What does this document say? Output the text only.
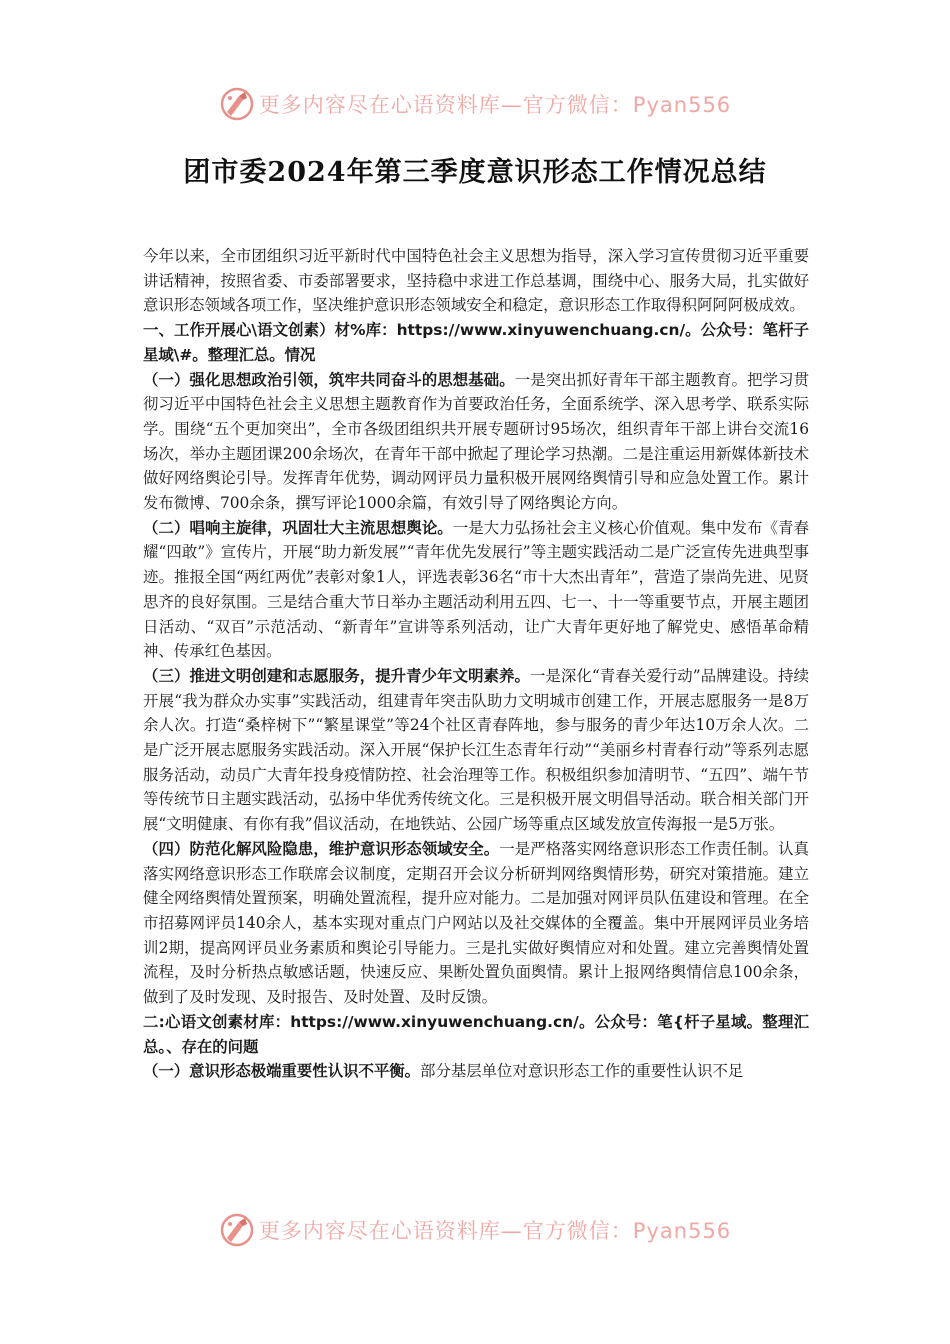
更多内容尽在心语资料库—官方微信：Pyan556
团市委2024年第三季度意识形态工作情况总结

今年以来，全市团组织习近平新时代中国特色社会主义思想为指导，深入学习宣传贯彻习近平重要讲话精神，按照省委、市委部署要求，坚持稳中求进工作总基调，围绕中心、服务大局，扎实做好意识形态领域各项工作，坚决维护意识形态领域安全和稳定，意识形态工作取得积阿阿阿极成效。

一、工作开展心\语文创素）材%库：https://www.xinyuwenchuang.cn/。公众号：笔杆子星域\#。整理汇总。情况

（一）强化思想政治引领，筑牢共同奋斗的思想基础。一是突出抓好青年干部主题教育。把学习贯彻习近平中国特色社会主义思想主题教育作为首要政治任务，全面系统学、深入思考学、联系实际学。围绕“五个更加突出”，全市各级团组织共开展专题研讨95场次，组织青年干部上讲台交流16场次，举办主题团课200余场次，在青年干部中掀起了理论学习热潮。二是注重运用新媒体新技术做好网络舆论引导。发挥青年优势，调动网评员力量积极开展网络舆情引导和应急处置工作。累计发布微博、700余条，撰写评论1000余篇，有效引导了网络舆论方向。

（二）唱响主旋律，巩固壮大主流思想舆论。一是大力弘扬社会主义核心价值观。集中发布《青春耀“四敢”》宣传片，开展“助力新发展”“青年优先发展行”等主题实践活动二是广泛宣传先进典型事迹。推报全国“两红两优”表彰对象1人，评选表彰36名“市十大杰出青年”，营造了崇尚先进、见贤思齐的良好氛围。三是结合重大节日举办主题活动利用五四、七一、十一等重要节点，开展主题团日活动、“双百”示范活动、“新青年”宣讲等系列活动，让广大青年更好地了解党史、感悟革命精神、传承红色基因。

（三）推进文明创建和志愿服务，提升青少年文明素养。一是深化“青春关爱行动”品牌建设。持续开展“我为群众办实事”实践活动，组建青年突击队助力文明城市创建工作，开展志愿服务一是8万余人次。打造“桑梓树下”“繁星课堂”等24个社区青春阵地，参与服务的青少年达10万余人次。二是广泛开展志愿服务实践活动。深入开展“保护长江生态青年行动”“美丽乡村青春行动”等系列志愿服务活动，动员广大青年投身疫情防控、社会治理等工作。积极组织参加清明节、“五四”、端午节等传统节日主题实践活动，弘扬中华优秀传统文化。三是积极开展文明倡导活动。联合相关部门开展“文明健康、有你有我”倡议活动，在地铁站、公园广场等重点区域发放宣传海报一是5万张。

（四）防范化解风险隐患，维护意识形态领域安全。一是严格落实网络意识形态工作责任制。认真落实网络意识形态工作联席会议制度，定期召开会议分析研判网络舆情形势，研究对策措施。建立健全网络舆情处置预案，明确处置流程，提升应对能力。二是加强对网评员队伍建设和管理。在全市招募网评员140余人，基本实现对重点门户网站以及社交媒体的全覆盖。集中开展网评员业务培训2期，提高网评员业务素质和舆论引导能力。三是扎实做好舆情应对和处置。建立完善舆情处置流程，及时分析热点敏感话题，快速反应、果断处置负面舆情。累计上报网络舆情信息100余条，做到了及时发现、及时报告、及时处置、及时反馈。

二:心语文创素材库：https://www.xinyuwenchuang.cn/。公众号：笔{杆子星域。整理汇总。、存在的问题

（一）意识形态极端重要性认识不平衡。部分基层单位对意识形态工作的重要性认识不足

更多内容尽在心语资料库—官方微信：Pyan556
